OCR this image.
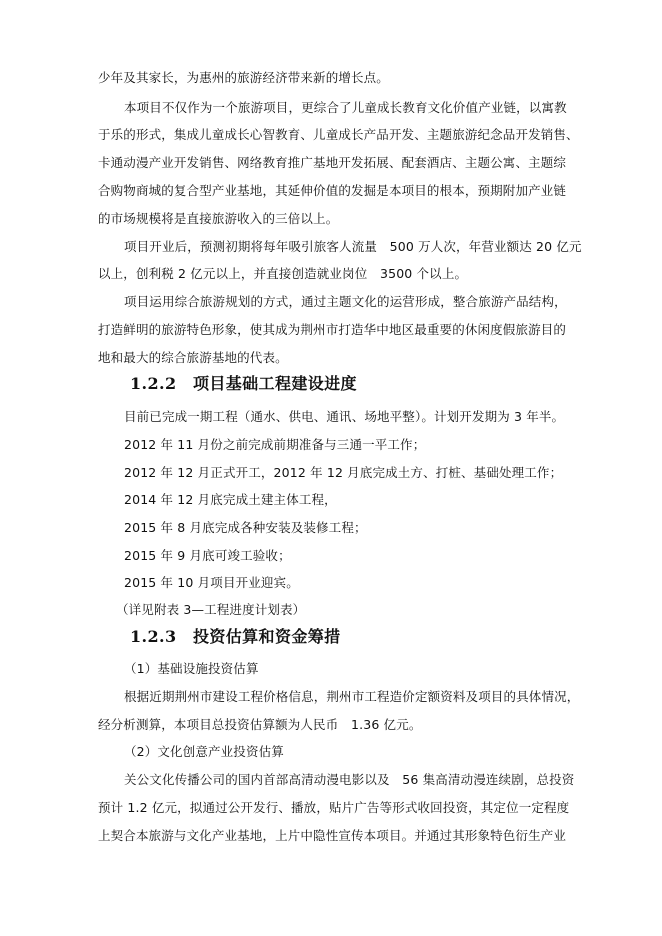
少年及其家长，为惠州的旅游经济带来新的增长点。
本项目不仅作为一个旅游项目，更综合了儿童成长教育文化价值产业链，以寓教
于乐的形式，集成儿童成长心智教育、儿童成长产品开发、主题旅游纪念品开发销售、
卡通动漫产业开发销售、网络教育推广基地开发拓展、配套酒店、主题公寓、主题综
合购物商城的复合型产业基地，其延伸价值的发掘是本项目的根本，预期附加产业链
的市场规模将是直接旅游收入的三倍以上。
项目开业后，预测初期将每年吸引旅客人流量　500 万人次，年营业额达 20 亿元
以上，创利税 2 亿元以上，并直接创造就业岗位　3500 个以上。
项目运用综合旅游规划的方式，通过主题文化的运营形成，整合旅游产品结构，
打造鲜明的旅游特色形象，使其成为荆州市打造华中地区最重要的休闲度假旅游目的
地和最大的综合旅游基地的代表。
1.2.2　项目基础工程建设进度
目前已完成一期工程（通水、供电、通讯、场地平整）。计划开发期为 3 年半。
2012 年 11 月份之前完成前期准备与三通一平工作；
2012 年 12 月正式开工，2012 年 12 月底完成土方、打桩、基础处理工作；
2014 年 12 月底完成土建主体工程，
2015 年 8 月底完成各种安装及装修工程；
2015 年 9 月底可竣工验收；
2015 年 10 月项目开业迎宾。
（详见附表 3—工程进度计划表）
1.2.3　投资估算和资金筹措
（1）基础设施投资估算
根据近期荆州市建设工程价格信息，荆州市工程造价定额资料及项目的具体情况，
经分析测算，本项目总投资估算额为人民币　1.36 亿元。
（2）文化创意产业投资估算
关公文化传播公司的国内首部高清动漫电影以及　56 集高清动漫连续剧，总投资
预计 1.2 亿元，拟通过公开发行、播放，贴片广告等形式收回投资，其定位一定程度
上契合本旅游与文化产业基地，上片中隐性宣传本项目。并通过其形象特色衍生产业
